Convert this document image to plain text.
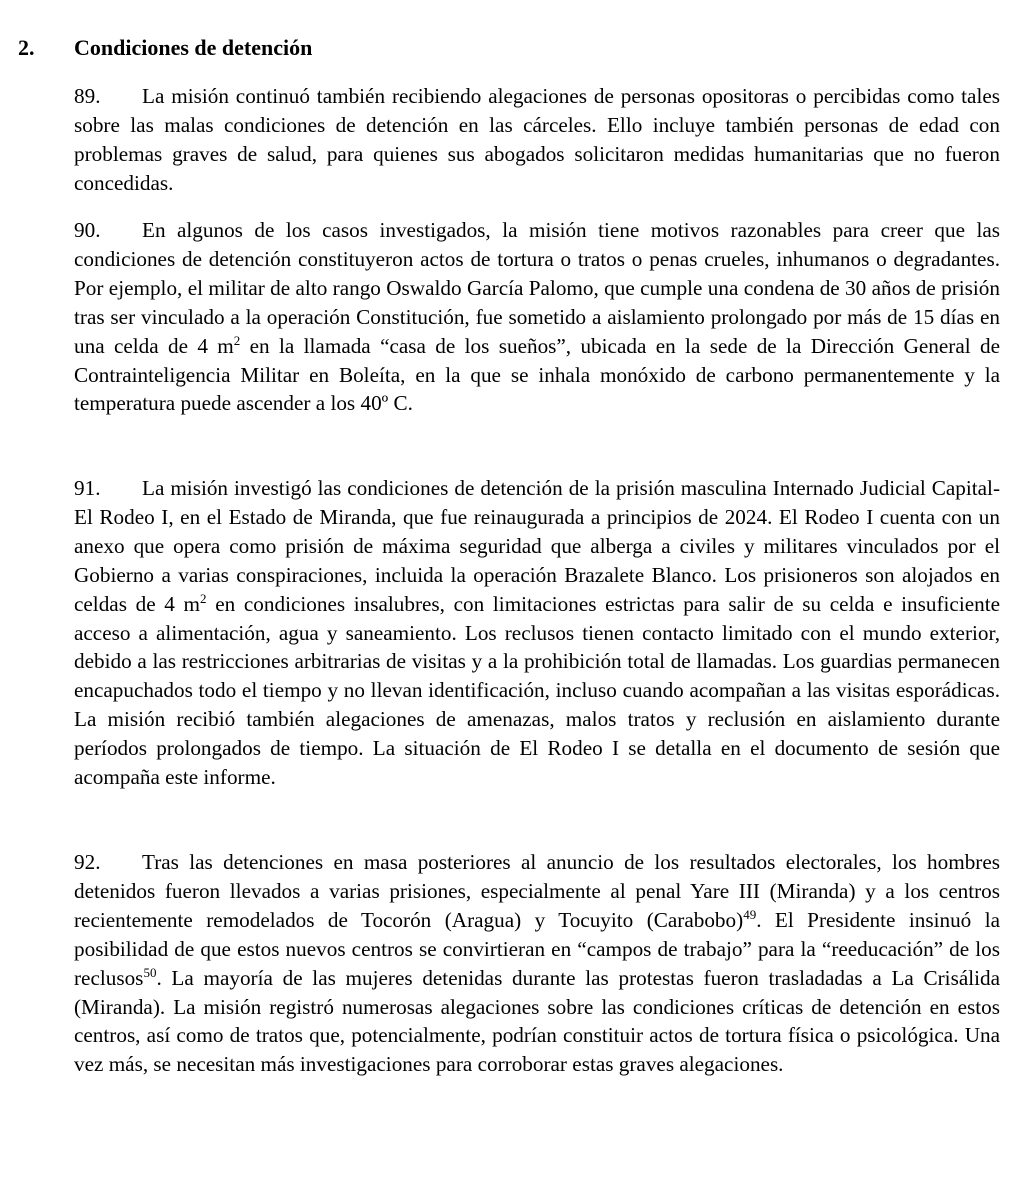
2. Condiciones de detención

89. La misión continuó también recibiendo alegaciones de personas opositoras o percibidas como tales sobre las malas condiciones de detención en las cárceles. Ello incluye también personas de edad con problemas graves de salud, para quienes sus abogados solicitaron medidas humanitarias que no fueron concedidas.

90. En algunos de los casos investigados, la misión tiene motivos razonables para creer que las condiciones de detención constituyeron actos de tortura o tratos o penas crueles, inhumanos o degradantes. Por ejemplo, el militar de alto rango Oswaldo García Palomo, que cumple una condena de 30 años de prisión tras ser vinculado a la operación Constitución, fue sometido a aislamiento prolongado por más de 15 días en una celda de 4 $m^2$ en la llamada “casa de los sueños”, ubicada en la sede de la Dirección General de Contrainteligencia Militar en Boleíta, en la que se inhala monóxido de carbono permanentemente y la temperatura puede ascender a los 40º C.

91. La misión investigó las condiciones de detención de la prisión masculina Internado Judicial Capital-El Rodeo I, en el Estado de Miranda, que fue reinaugurada a principios de 2024. El Rodeo I cuenta con un anexo que opera como prisión de máxima seguridad que alberga a civiles y militares vinculados por el Gobierno a varias conspiraciones, incluida la operación Brazalete Blanco. Los prisioneros son alojados en celdas de 4 $m^2$ en condiciones insalubres, con limitaciones estrictas para salir de su celda e insuficiente acceso a alimentación, agua y saneamiento. Los reclusos tienen contacto limitado con el mundo exterior, debido a las restricciones arbitrarias de visitas y a la prohibición total de llamadas. Los guardias permanecen encapuchados todo el tiempo y no llevan identificación, incluso cuando acompañan a las visitas esporádicas. La misión recibió también alegaciones de amenazas, malos tratos y reclusión en aislamiento durante períodos prolongados de tiempo. La situación de El Rodeo I se detalla en el documento de sesión que acompaña este informe.

92. Tras las detenciones en masa posteriores al anuncio de los resultados electorales, los hombres detenidos fueron llevados a varias prisiones, especialmente al penal Yare III (Miranda) y a los centros recientemente remodelados de Tocorón (Aragua) y Tocuyito (Carabobo)$^{49}$. El Presidente insinuó la posibilidad de que estos nuevos centros se convirtieran en “campos de trabajo” para la “reeducación” de los reclusos$^{50}$. La mayoría de las mujeres detenidas durante las protestas fueron trasladadas a La Crisálida (Miranda). La misión registró numerosas alegaciones sobre las condiciones críticas de detención en estos centros, así como de tratos que, potencialmente, podrían constituir actos de tortura física o psicológica. Una vez más, se necesitan más investigaciones para corroborar estas graves alegaciones.
